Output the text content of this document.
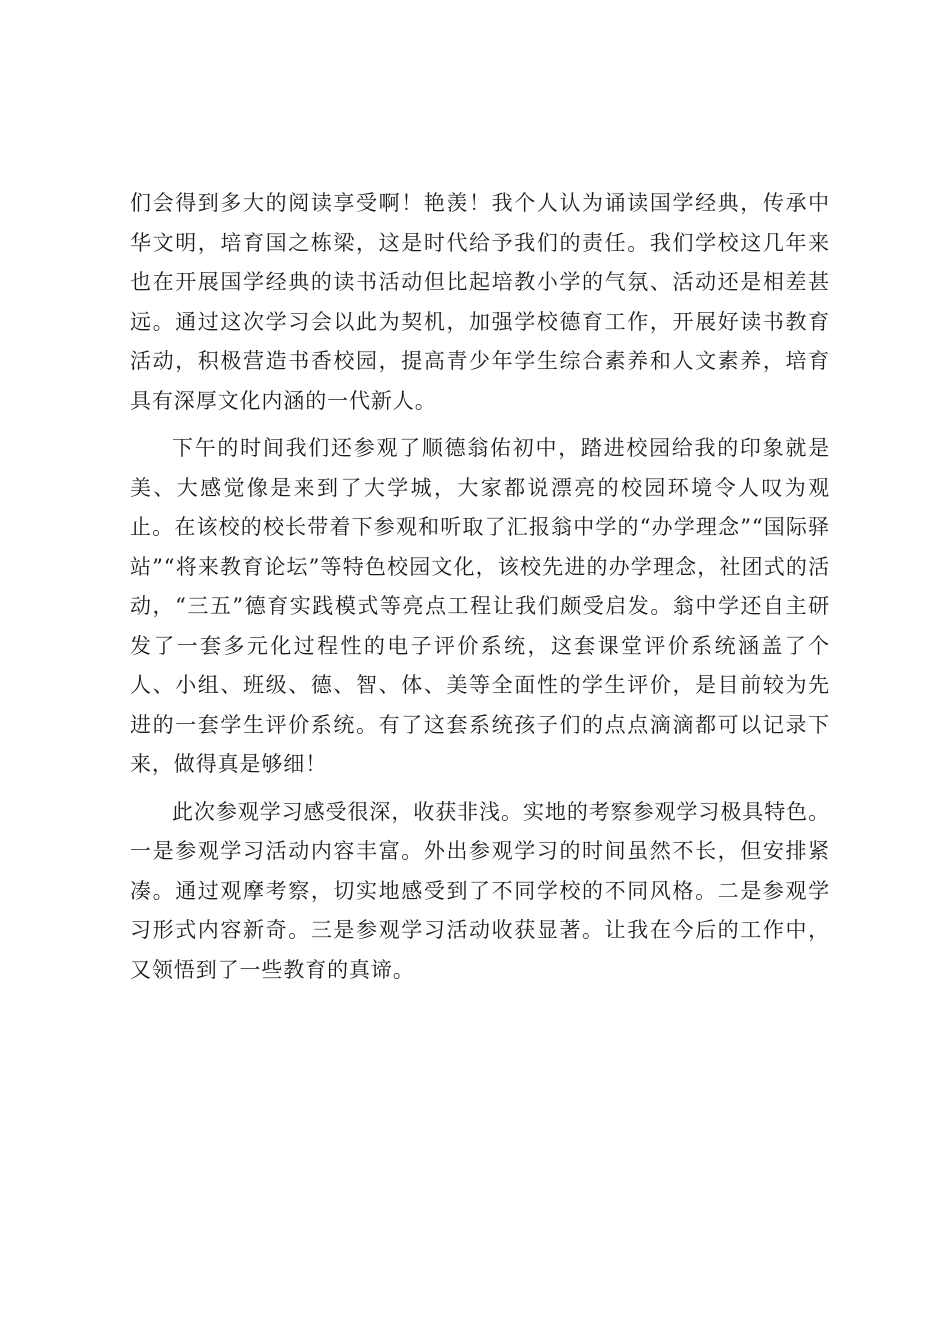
们会得到多大的阅读享受啊！艳羡！我个人认为诵读国学经典，传承中华文明，培育国之栋梁，这是时代给予我们的责任。我们学校这几年来也在开展国学经典的读书活动但比起培教小学的气氛、活动还是相差甚远。通过这次学习会以此为契机，加强学校德育工作，开展好读书教育活动，积极营造书香校园，提高青少年学生综合素养和人文素养，培育具有深厚文化内涵的一代新人。

下午的时间我们还参观了顺德翁佑初中，踏进校园给我的印象就是美、大感觉像是来到了大学城，大家都说漂亮的校园环境令人叹为观止。在该校的校长带着下参观和听取了汇报翁中学的“办学理念”“国际驿站”“将来教育论坛”等特色校园文化，该校先进的办学理念，社团式的活动，“三五”德育实践模式等亮点工程让我们颇受启发。翁中学还自主研发了一套多元化过程性的电子评价系统，这套课堂评价系统涵盖了个人、小组、班级、德、智、体、美等全面性的学生评价，是目前较为先进的一套学生评价系统。有了这套系统孩子们的点点滴滴都可以记录下来，做得真是够细！

此次参观学习感受很深，收获非浅。实地的考察参观学习极具特色。一是参观学习活动内容丰富。外出参观学习的时间虽然不长，但安排紧凑。通过观摩考察，切实地感受到了不同学校的不同风格。二是参观学习形式内容新奇。三是参观学习活动收获显著。让我在今后的工作中，又领悟到了一些教育的真谛。
